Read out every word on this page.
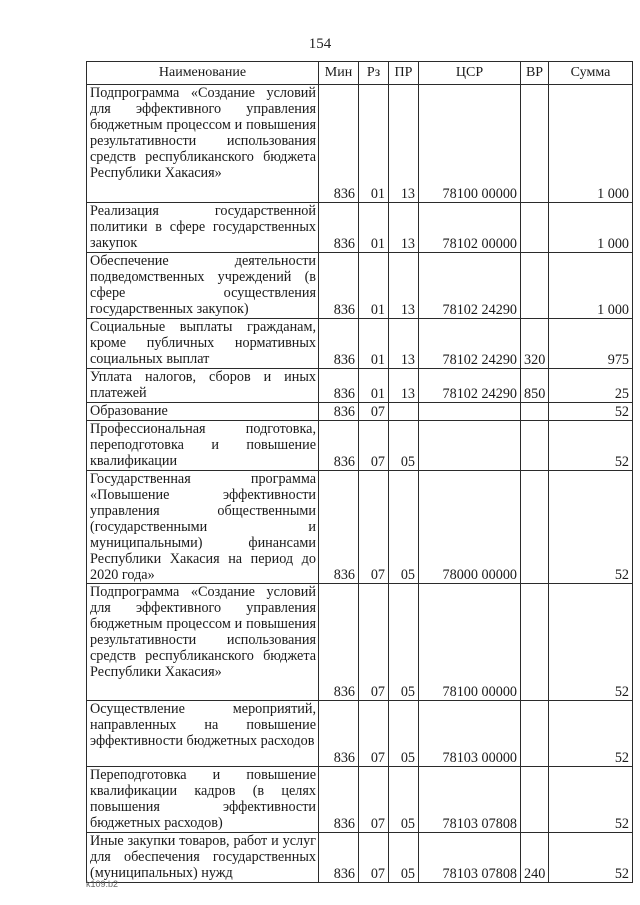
154
Наименование	Мин	Рз	ПР	ЦСР	ВР	Сумма
Подпрограмма «Создание условий для эффективного управления бюджетным процессом и повышения результативности использования средств республиканского бюджета Республики Хакасия»	836	01	13	78100 00000		1 000
Реализация государственной политики в сфере государственных закупок	836	01	13	78102 00000		1 000
Обеспечение деятельности подведомственных учреждений (в сфере осуществления государственных закупок)	836	01	13	78102 24290		1 000
Социальные выплаты гражданам, кроме публичных нормативных социальных выплат	836	01	13	78102 24290	320	975
Уплата налогов, сборов и иных платежей	836	01	13	78102 24290	850	25
Образование	836	07				52
Профессиональная подготовка, переподготовка и повышение квалификации	836	07	05			52
Государственная программа «Повышение эффективности управления общественными (государственными и муниципальными) финансами Республики Хакасия на период до 2020 года»	836	07	05	78000 00000		52
Подпрограмма «Создание условий для эффективного управления бюджетным процессом и повышения результативности использования средств республиканского бюджета Республики Хакасия»	836	07	05	78100 00000		52
Осуществление мероприятий, направленных на повышение эффективности бюджетных расходов	836	07	05	78103 00000		52
Переподготовка и повышение квалификации кадров (в целях повышения эффективности бюджетных расходов)	836	07	05	78103 07808		52
Иные закупки товаров, работ и услуг для обеспечения государственных (муниципальных) нужд	836	07	05	78103 07808	240	52
k109.b2
